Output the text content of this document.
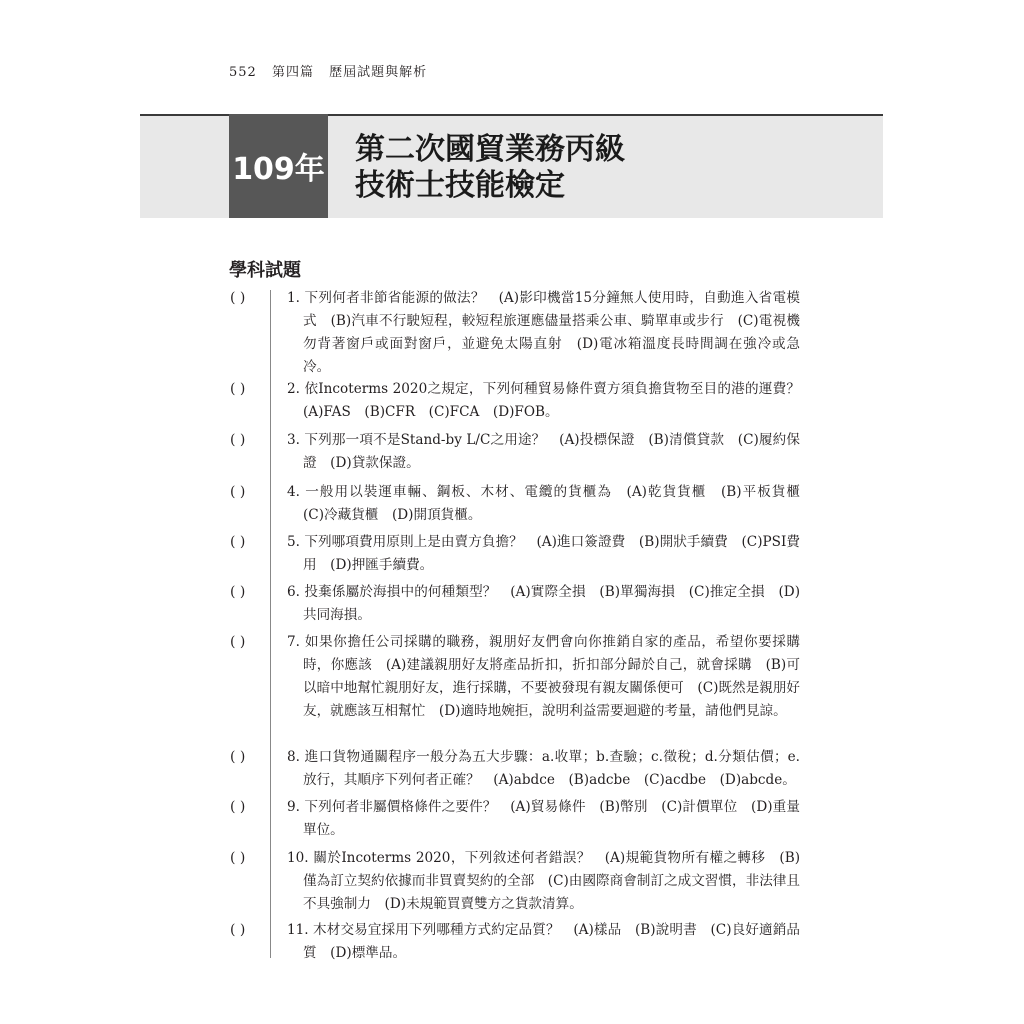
552 第四篇 歷屆試題與解析
109年
第二次國貿業務丙級
技術士技能檢定
學科試題
( )	1. 下列何者非節省能源的做法？　(A)影印機當15分鐘無人使用時，自動進入省電模式　(B)汽車不行駛短程，較短程旅運應儘量搭乘公車、騎單車或步行　(C)電視機勿背著窗戶或面對窗戶，並避免太陽直射　(D)電冰箱溫度長時間調在強冷或急冷。
( )	2. 依Incoterms 2020之規定，下列何種貿易條件賣方須負擔貨物至目的港的運費？　(A)FAS　(B)CFR　(C)FCA　(D)FOB。
( )	3. 下列那一項不是Stand-by L/C之用途？　(A)投標保證　(B)清償貸款　(C)履約保證　(D)貸款保證。
( )	4. 一般用以裝運車輛、鋼板、木材、電纜的貨櫃為　(A)乾貨貨櫃　(B)平板貨櫃　(C)冷藏貨櫃　(D)開頂貨櫃。
( )	5. 下列哪項費用原則上是由賣方負擔？　(A)進口簽證費　(B)開狀手續費　(C)PSI費用　(D)押匯手續費。
( )	6. 投棄係屬於海損中的何種類型？　(A)實際全損　(B)單獨海損　(C)推定全損　(D)共同海損。
( )	7. 如果你擔任公司採購的職務，親朋好友們會向你推銷自家的產品，希望你要採購時，你應該　(A)建議親朋好友將產品折扣，折扣部分歸於自己，就會採購　(B)可以暗中地幫忙親朋好友，進行採購，不要被發現有親友關係便可　(C)既然是親朋好友，就應該互相幫忙　(D)適時地婉拒，說明利益需要迴避的考量，請他們見諒。
( )	8. 進口貨物通關程序一般分為五大步驟：a.收單；b.查驗；c.徵稅；d.分類估價；e.放行，其順序下列何者正確？　(A)abdce　(B)adcbe　(C)acdbe　(D)abcde。
( )	9. 下列何者非屬價格條件之要件？　(A)貿易條件　(B)幣別　(C)計價單位　(D)重量單位。
( )	10. 關於Incoterms 2020，下列敘述何者錯誤？　(A)規範貨物所有權之轉移　(B)僅為訂立契約依據而非買賣契約的全部　(C)由國際商會制訂之成文習慣，非法律且不具強制力　(D)未規範買賣雙方之貨款清算。
( )	11. 木材交易宜採用下列哪種方式約定品質？　(A)樣品　(B)說明書　(C)良好適銷品質　(D)標準品。
